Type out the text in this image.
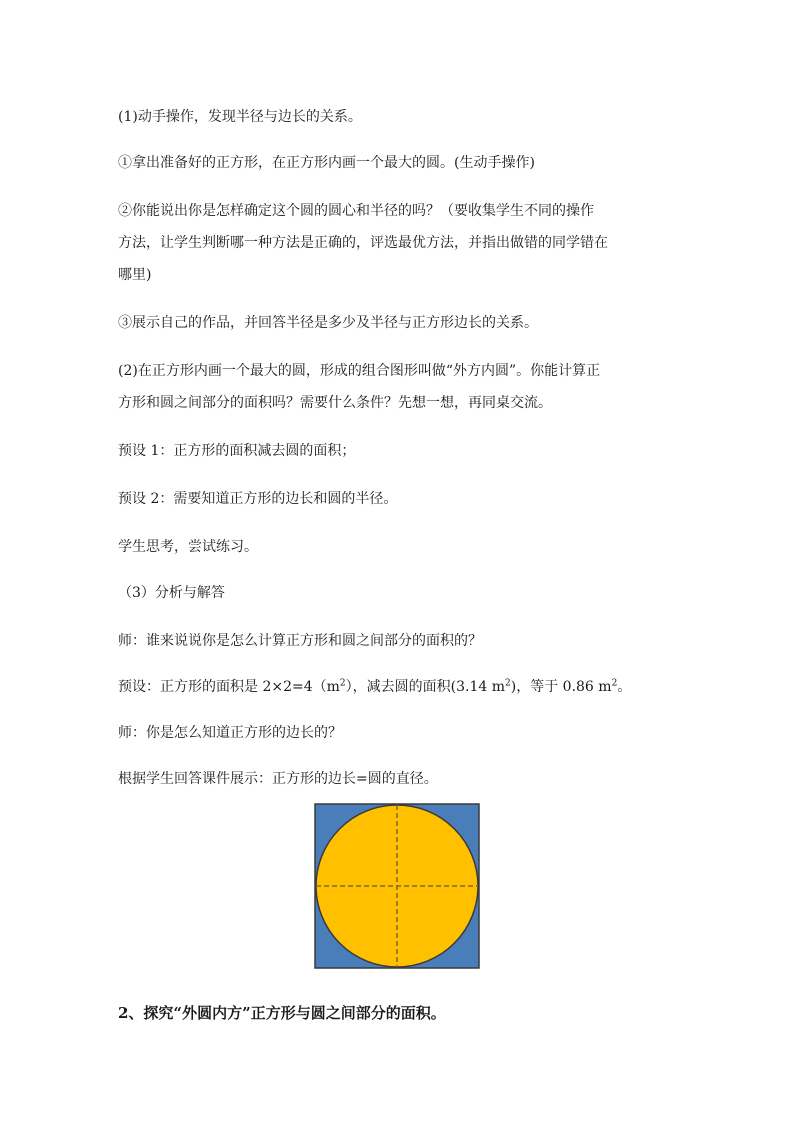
(1)动手操作，发现半径与边长的关系。
①拿出准备好的正方形，在正方形内画一个最大的圆。(生动手操作)
②你能说出你是怎样确定这个圆的圆心和半径的吗？（要收集学生不同的操作
方法，让学生判断哪一种方法是正确的，评选最优方法，并指出做错的同学错在
哪里)
③展示自己的作品，并回答半径是多少及半径与正方形边长的关系。
(2)在正方形内画一个最大的圆，形成的组合图形叫做“外方内圆”。你能计算正
方形和圆之间部分的面积吗？需要什么条件？先想一想，再同桌交流。
预设 1：正方形的面积减去圆的面积；
预设 2：需要知道正方形的边长和圆的半径。
学生思考，尝试练习。
（3）分析与解答
师：谁来说说你是怎么计算正方形和圆之间部分的面积的？
预设：正方形的面积是 $2\times 2=4(m^2)$，减去圆的面积(3.14 $m^2$)，等于 0.86 $m^2$。
师：你是怎么知道正方形的边长的？
根据学生回答课件展示：正方形的边长=圆的直径。
2、探究“外圆内方”正方形与圆之间部分的面积。
